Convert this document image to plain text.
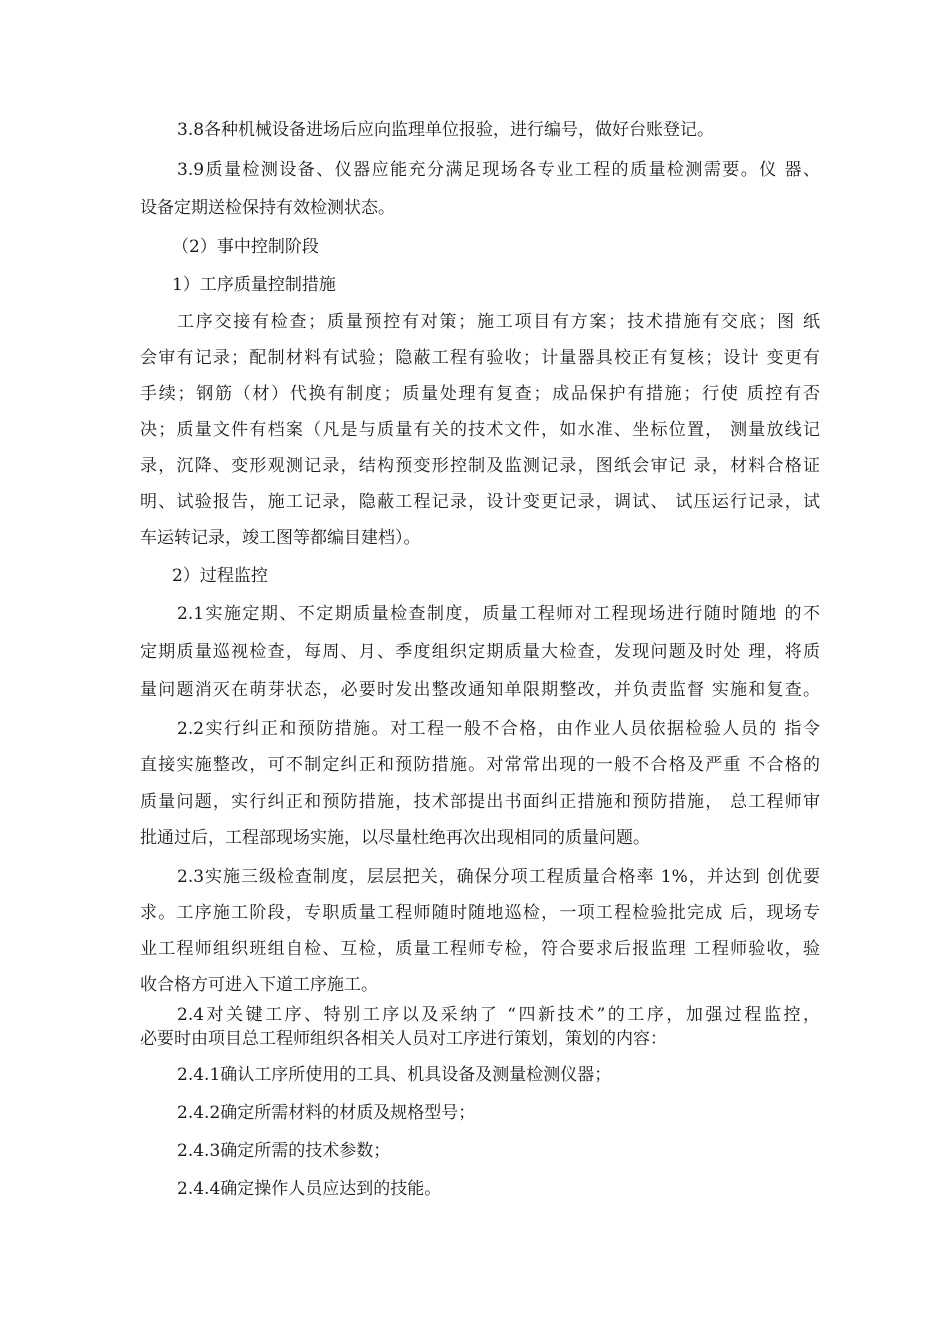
3.8各种机械设备进场后应向监理单位报验，进行编号，做好台账登记。
3.9质量检测设备、仪器应能充分满足现场各专业工程的质量检测需要。仪 器、
设备定期送检保持有效检测状态。
（2）事中控制阶段
1）工序质量控制措施
工序交接有检查；质量预控有对策；施工项目有方案；技术措施有交底；图 纸
会审有记录；配制材料有试验；隐蔽工程有验收；计量器具校正有复核；设计 变更有
手续；钢筋（材）代换有制度；质量处理有复查；成品保护有措施；行使 质控有否
决；质量文件有档案（凡是与质量有关的技术文件，如水准、坐标位置， 测量放线记
录，沉降、变形观测记录，结构预变形控制及监测记录，图纸会审记 录，材料合格证
明、试验报告，施工记录，隐蔽工程记录，设计变更记录，调试、 试压运行记录，试
车运转记录，竣工图等都编目建档）。
2）过程监控
2.1实施定期、不定期质量检查制度，质量工程师对工程现场进行随时随地 的不
定期质量巡视检查，每周、月、季度组织定期质量大检查，发现问题及时处 理，将质
量问题消灭在萌芽状态，必要时发出整改通知单限期整改，并负责监督 实施和复查。
2.2实行纠正和预防措施。对工程一般不合格，由作业人员依据检验人员的 指令
直接实施整改，可不制定纠正和预防措施。对常常出现的一般不合格及严重 不合格的
质量问题，实行纠正和预防措施，技术部提出书面纠正措施和预防措施， 总工程师审
批通过后，工程部现场实施，以尽量杜绝再次出现相同的质量问题。
2.3实施三级检查制度，层层把关，确保分项工程质量合格率 1%，并达到 创优要
求。工序施工阶段，专职质量工程师随时随地巡检，一项工程检验批完成 后，现场专
业工程师组织班组自检、互检，质量工程师专检，符合要求后报监理 工程师验收，验
收合格方可进入下道工序施工。
2.4对关键工序、特别工序以及采纳了 “四新技术”的工序，加强过程监控，
必要时由项目总工程师组织各相关人员对工序进行策划，策划的内容：
2.4.1确认工序所使用的工具、机具设备及测量检测仪器；
2.4.2确定所需材料的材质及规格型号；
2.4.3确定所需的技术参数；
2.4.4确定操作人员应达到的技能。
